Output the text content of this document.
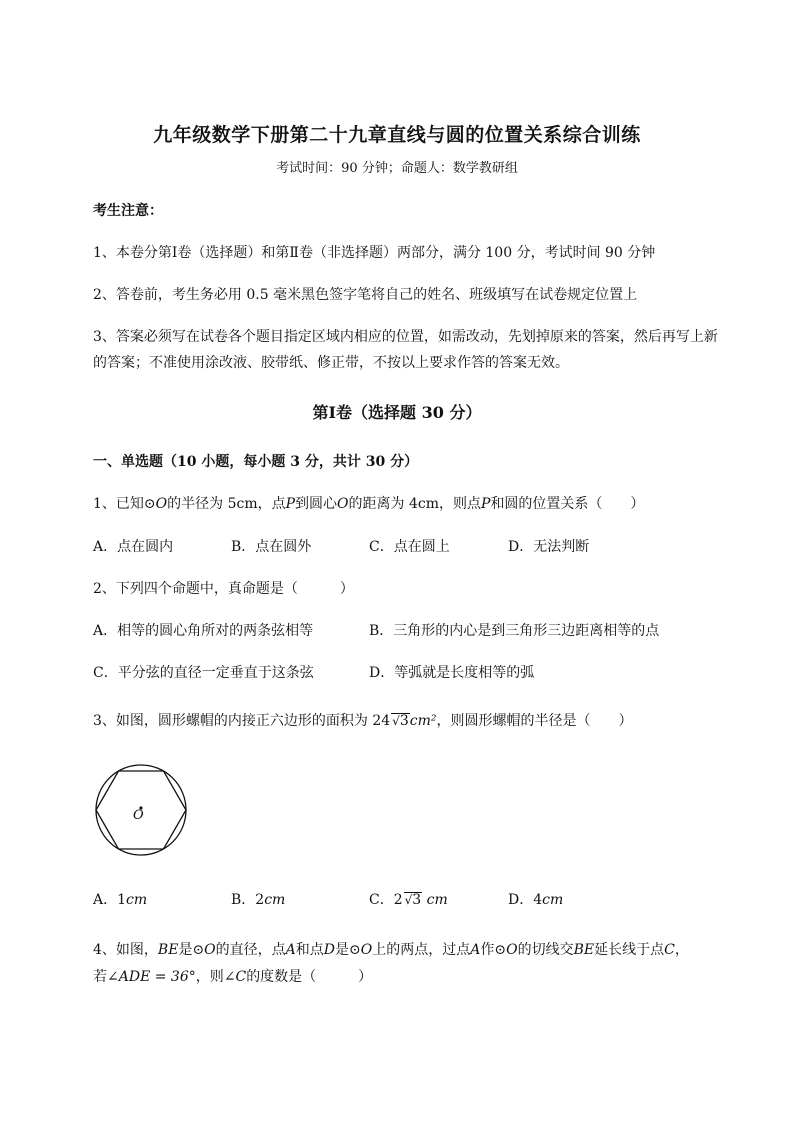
九年级数学下册第二十九章直线与圆的位置关系综合训练
考试时间：90 分钟；命题人：数学教研组
考生注意：
1、本卷分第Ⅰ卷（选择题）和第Ⅱ卷（非选择题）两部分，满分 100 分，考试时间 90 分钟
2、答卷前，考生务必用 0.5 毫米黑色签字笔将自己的姓名、班级填写在试卷规定位置上
3、答案必须写在试卷各个题目指定区域内相应的位置，如需改动，先划掉原来的答案，然后再写上新
的答案；不准使用涂改液、胶带纸、修正带，不按以上要求作答的答案无效。
第Ⅰ卷（选择题 30 分）
一、单选题（10 小题，每小题 3 分，共计 30 分）
1、已知⊙O的半径为 5cm，点P到圆心O的距离为 4cm，则点P和圆的位置关系（　　）
A．点在圆内	B．点在圆外	C．点在圆上	D．无法判断
2、下列四个命题中，真命题是（　　　）
A．相等的圆心角所对的两条弦相等	B．三角形的内心是到三角形三边距离相等的点
C．平分弦的直径一定垂直于这条弦	D．等弧就是长度相等的弧
3、如图，圆形螺帽的内接正六边形的面积为 24 √3cm²，则圆形螺帽的半径是（　　）
O
A．1cm	B．2cm	C．2 √3 cm	D．4cm
4、如图，BE是⊙O的直径，点A和点D是⊙O上的两点，过点A作⊙O的切线交BE延长线于点C，
若∠ADE = 36°，则∠C的度数是（　　　）
